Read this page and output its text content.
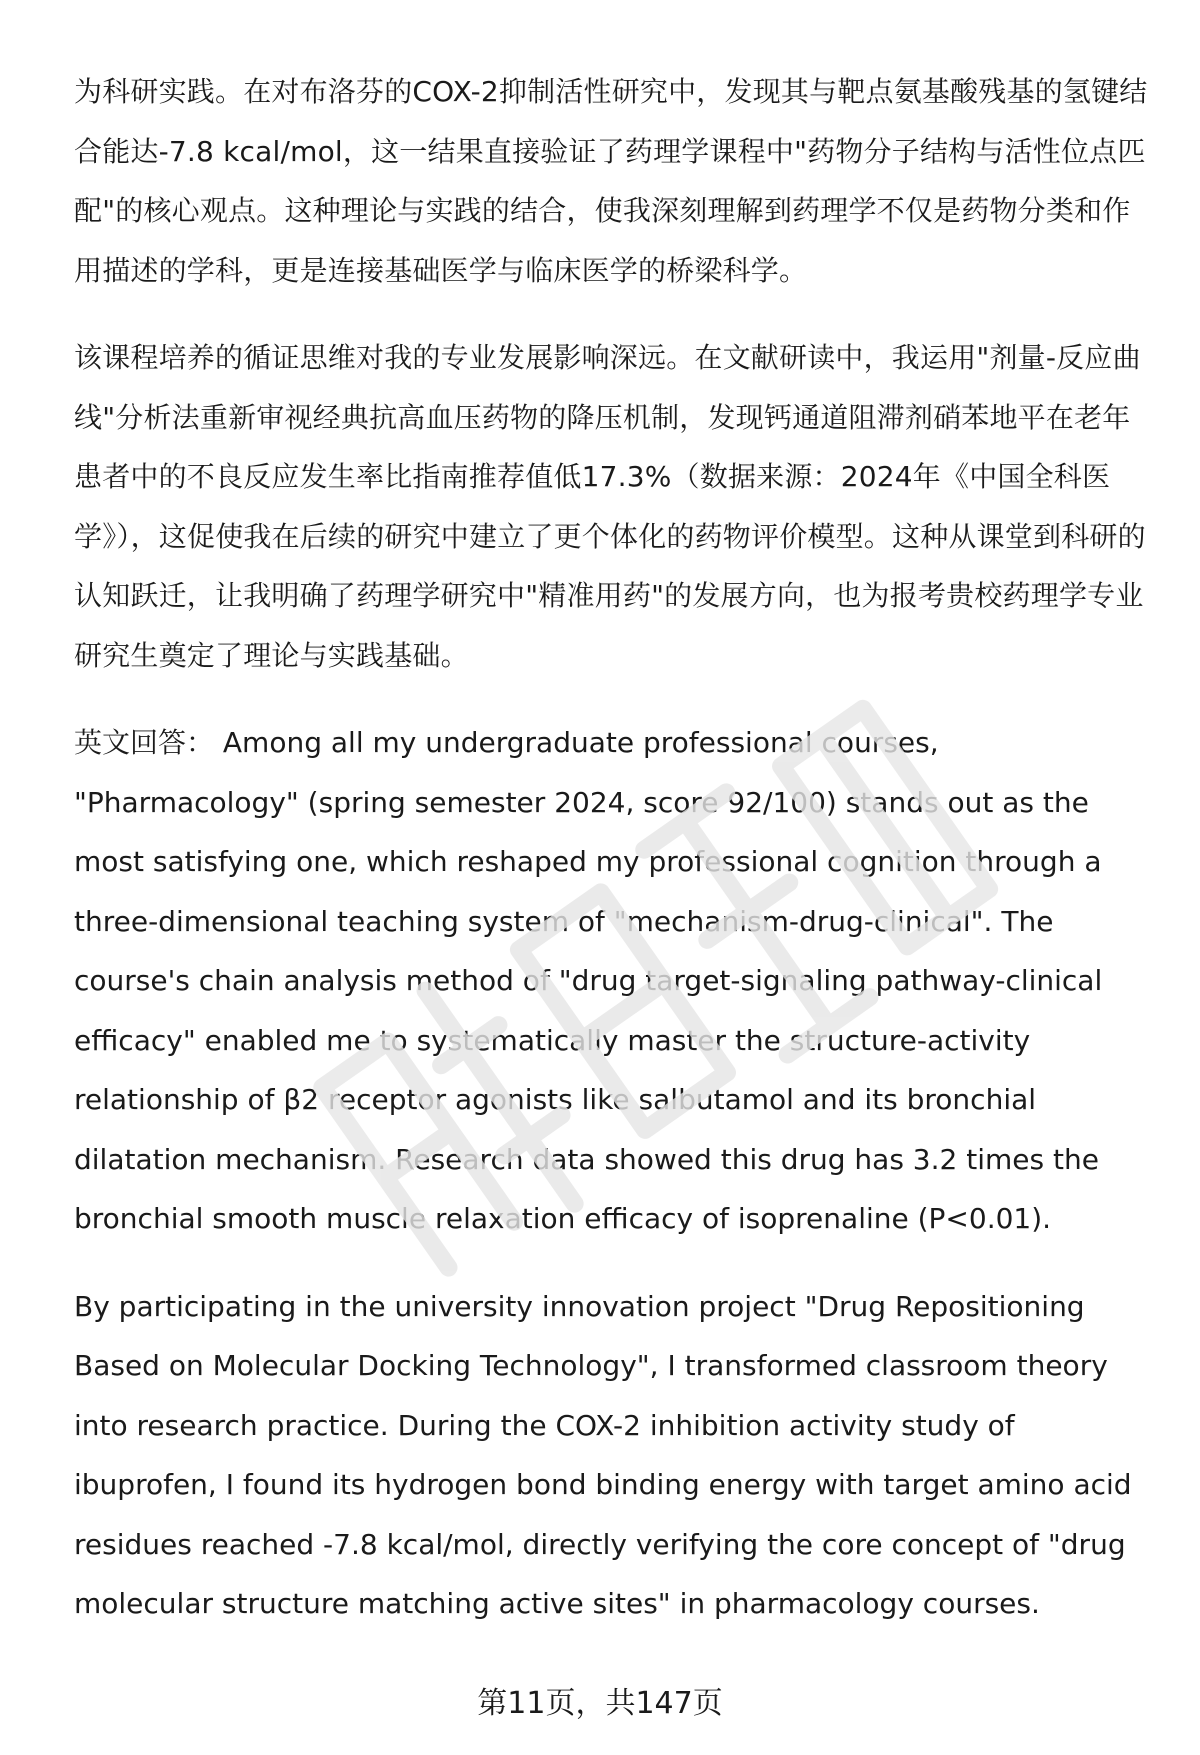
为科研实践。在对布洛芬的COX-2抑制活性研究中，发现其与靶点氨基酸残基的氢键结合能达-7.8 kcal/mol，这一结果直接验证了药理学课程中"药物分子结构与活性位点匹配"的核心观点。这种理论与实践的结合，使我深刻理解到药理学不仅是药物分类和作用描述的学科，更是连接基础医学与临床医学的桥梁科学。

该课程培养的循证思维对我的专业发展影响深远。在文献研读中，我运用"剂量-反应曲线"分析法重新审视经典抗高血压药物的降压机制，发现钙通道阻滞剂硝苯地平在老年患者中的不良反应发生率比指南推荐值低17.3%（数据来源：2024年《中国全科医学》），这促使我在后续的研究中建立了更个体化的药物评价模型。这种从课堂到科研的认知跃迁，让我明确了药理学研究中"精准用药"的发展方向，也为报考贵校药理学专业研究生奠定了理论与实践基础。

英文回答： Among all my undergraduate professional courses, "Pharmacology" (spring semester 2024, score 92/100) stands out as the most satisfying one, which reshaped my professional cognition through a three-dimensional teaching system of "mechanism-drug-clinical". The course's chain analysis method of "drug target-signaling pathway-clinical efficacy" enabled me to systematically master the structure-activity relationship of β2 receptor agonists like salbutamol and its bronchial dilatation mechanism. Research data showed this drug has 3.2 times the bronchial smooth muscle relaxation efficacy of isoprenaline (P<0.01).

By participating in the university innovation project "Drug Repositioning Based on Molecular Docking Technology", I transformed classroom theory into research practice. During the COX-2 inhibition activity study of ibuprofen, I found its hydrogen bond binding energy with target amino acid residues reached -7.8 kcal/mol, directly verifying the core concept of "drug molecular structure matching active sites" in pharmacology courses.

第11页，共147页
